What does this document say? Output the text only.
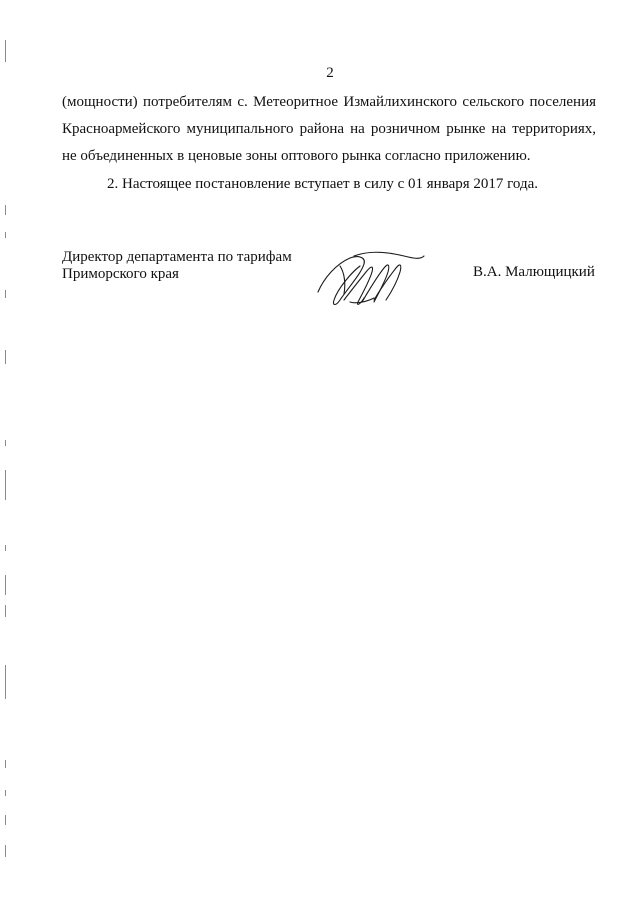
2

(мощности) потребителям с. Метеоритное Измайлихинского сельского поселения
Красноармейского муниципального района на розничном рынке на территориях,
не объединенных в ценовые зоны оптового рынка согласно приложению.

2. Настоящее постановление вступает в силу с 01 января 2017 года.

Директор департамента по тарифам
Приморского края	В.А. Малющицкий
